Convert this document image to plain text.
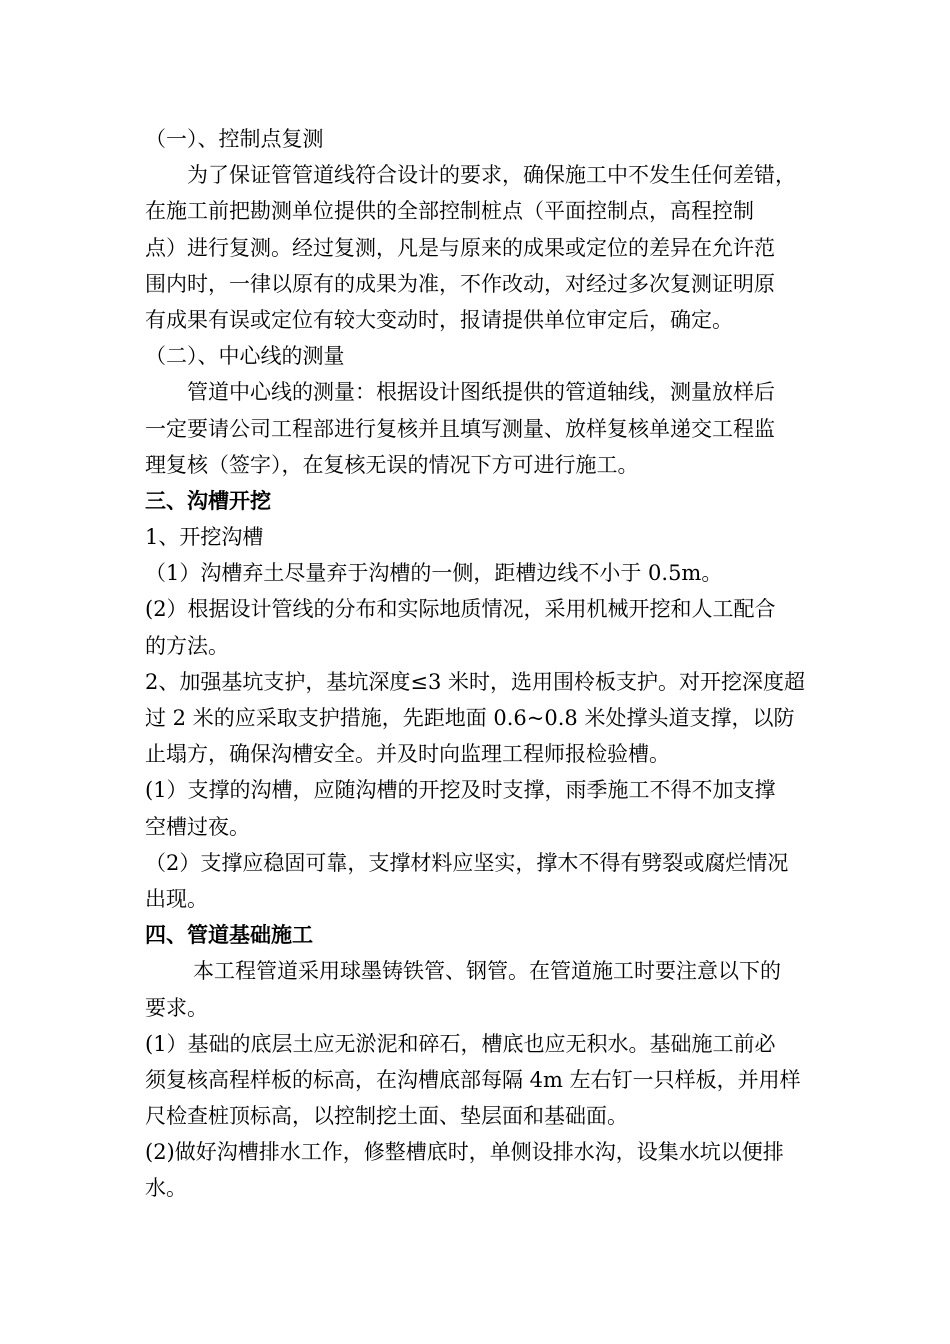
（一）、控制点复测
为了保证管管道线符合设计的要求，确保施工中不发生任何差错，
在施工前把勘测单位提供的全部控制桩点（平面控制点，高程控制
点）进行复测。经过复测，凡是与原来的成果或定位的差异在允许范
围内时，一律以原有的成果为准，不作改动，对经过多次复测证明原
有成果有误或定位有较大变动时，报请提供单位审定后，确定。
（二）、中心线的测量
管道中心线的测量：根据设计图纸提供的管道轴线，测量放样后
一定要请公司工程部进行复核并且填写测量、放样复核单递交工程监
理复核（签字），在复核无误的情况下方可进行施工。
三、沟槽开挖
1、开挖沟槽
（1）沟槽弃土尽量弃于沟槽的一侧，距槽边线不小于 0.5m。
(2）根据设计管线的分布和实际地质情况，采用机械开挖和人工配合
的方法。
2、加强基坑支护，基坑深度≤3 米时，选用围柃板支护。对开挖深度超
过 2 米的应采取支护措施，先距地面 0.6~0.8 米处撑头道支撑，以防
止塌方，确保沟槽安全。并及时向监理工程师报检验槽。
(1）支撑的沟槽，应随沟槽的开挖及时支撑，雨季施工不得不加支撑
空槽过夜。
（2）支撑应稳固可靠，支撑材料应坚实，撑木不得有劈裂或腐烂情况
出现。
四、管道基础施工
本工程管道采用球墨铸铁管、钢管。在管道施工时要注意以下的
要求。
(1）基础的底层土应无淤泥和碎石，槽底也应无积水。基础施工前必
须复核高程样板的标高，在沟槽底部每隔 4m 左右钉一只样板，并用样
尺检查桩顶标高，以控制挖土面、垫层面和基础面。
(2)做好沟槽排水工作，修整槽底时，单侧设排水沟，设集水坑以便排
水。
